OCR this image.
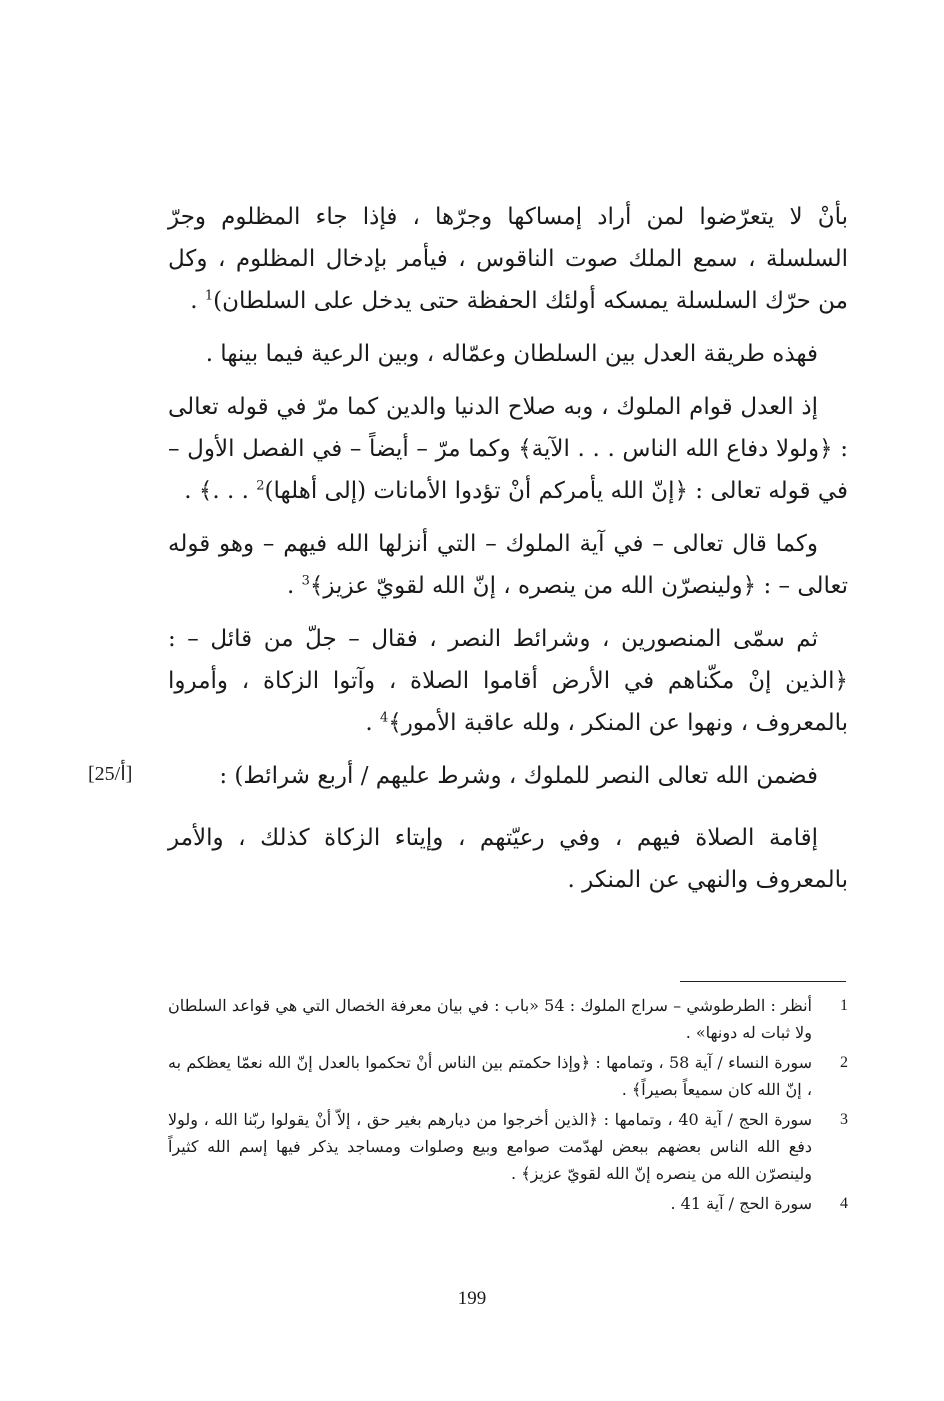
بأنْ لا يتعرّضوا لمن أراد إمساكها وجرّها ، فإذا جاء المظلوم وجرّ السلسلة ، سمع الملك صوت الناقوس ، فيأمر بإدخال المظلوم ، وكل من حرّك السلسلة يمسكه أولئك الحفظة حتى يدخل على السلطان)$^1$ .

فهذه طريقة العدل بين السلطان وعمّاله ، وبين الرعية فيما بينها .

إذ العدل قوام الملوك ، وبه صلاح الدنيا والدين كما مرّ في قوله تعالى : ﴿ولولا دفاع الله الناس . . . الآية﴾ وكما مرّ – أيضاً – في الفصل الأول – في قوله تعالى : ﴿إنّ الله يأمركم أنْ تؤدوا الأمانات (إلى أهلها)$^2$ . . .﴾ .

وكما قال تعالى – في آية الملوك – التي أنزلها الله فيهم – وهو قوله تعالى – : ﴿ولينصرّن الله من ينصره ، إنّ الله لقويّ عزيز﴾$^3$ .

ثم سمّى المنصورين ، وشرائط النصر ، فقال – جلّ من قائل – : ﴿الذين إنْ مكّناهم في الأرض أقاموا الصلاة ، وآتوا الزكاة ، وأمروا بالمعروف ، ونهوا عن المنكر ، ولله عاقبة الأمور﴾$^4$ .

فضمن الله تعالى النصر للملوك ، وشرط عليهم / أربع شرائط) :

إقامة الصلاة فيهم ، وفي رعيّتهم ، وإيتاء الزكاة كذلك ، والأمر بالمعروف والنهي عن المنكر .

[25/أ]
1
أنظر : الطرطوشي – سراج الملوك : 54 «باب : في بيان معرفة الخصال التي هي قواعد السلطان ولا ثبات له دونها» .
2
سورة النساء / آية 58 ، وتمامها : ﴿وإذا حكمتم بين الناس أنْ تحكموا بالعدل إنّ الله نعمّا يعظكم به ، إنّ الله كان سميعاً بصيراً﴾ .
3
سورة الحج / آية 40 ، وتمامها : ﴿الذين أخرجوا من ديارهم بغير حق ، إلاّ أنْ يقولوا ربّنا الله ، ولولا دفع الله الناس بعضهم ببعض لهدّمت صوامع وبيع وصلوات ومساجد يذكر فيها إسم الله كثيراً ولينصرّن الله من ينصره إنّ الله لقويّ عزيز﴾ .
4
سورة الحج / آية 41 .
199
